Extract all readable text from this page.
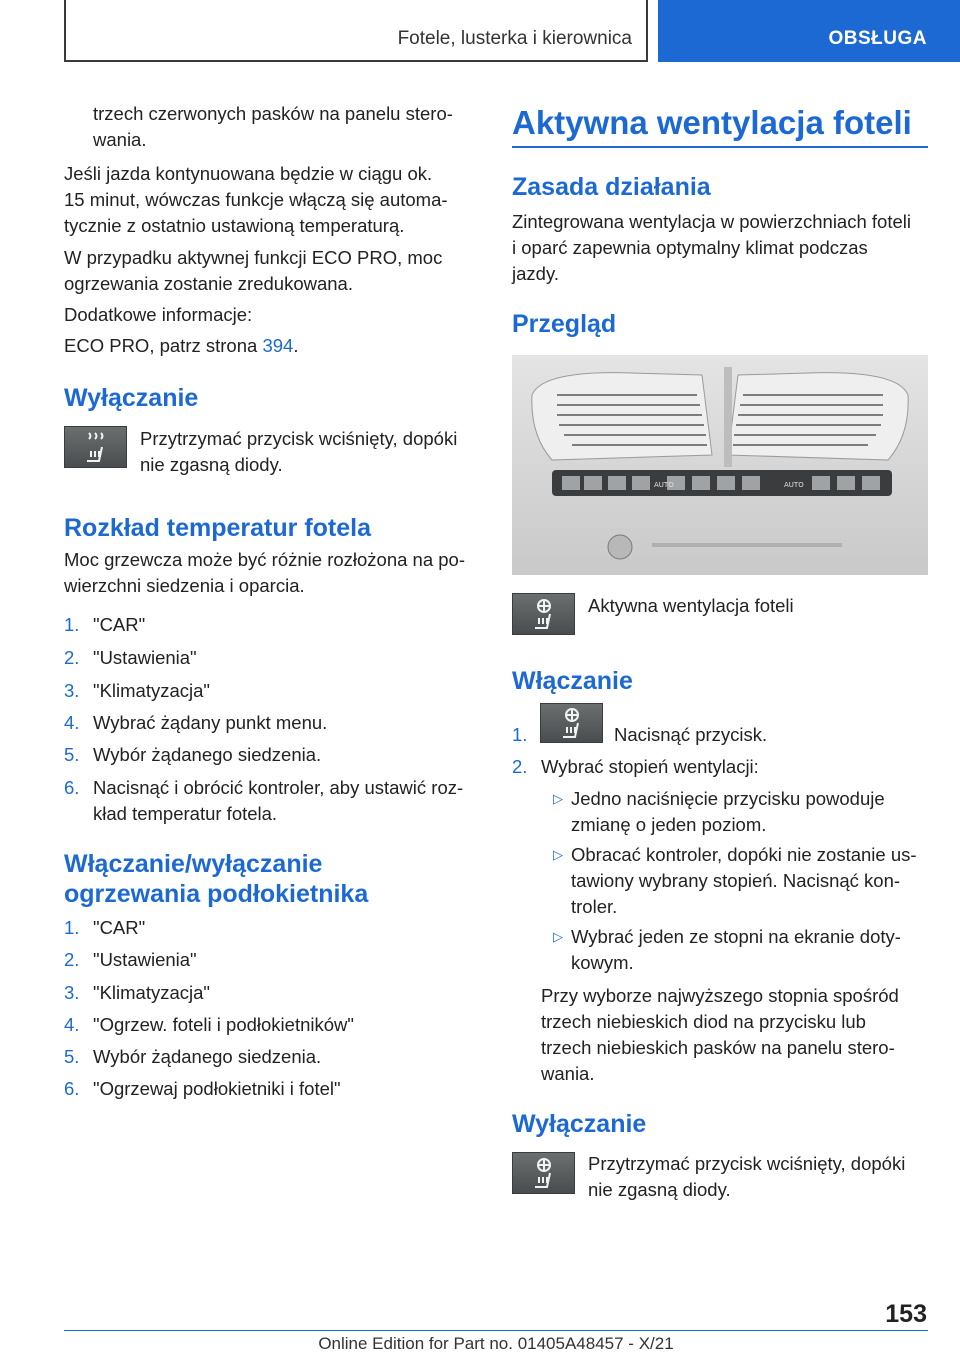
Fotele, lusterka i kierownica	OBSŁUGA
trzech czerwonych pasków na panelu stero-
wania.
Jeśli jazda kontynuowana będzie w ciągu ok.
15 minut, wówczas funkcje włączą się automa-
tycznie z ostatnio ustawioną temperaturą.
W przypadku aktywnej funkcji ECO PRO, moc
ogrzewania zostanie zredukowana.
Dodatkowe informacje:
ECO PRO, patrz strona 394.
Wyłączanie
Przytrzymać przycisk wciśnięty, dopóki
nie zgasną diody.
Rozkład temperatur fotela
Moc grzewcza może być różnie rozłożona na po-
wierzchni siedzenia i oparcia.
1. "CAR"
2. "Ustawienia"
3. "Klimatyzacja"
4. Wybrać żądany punkt menu.
5. Wybór żądanego siedzenia.
6. Nacisnąć i obrócić kontroler, aby ustawić roz-
kład temperatur fotela.
Włączanie/wyłączanie
ogrzewania podłokietnika
1. "CAR"
2. "Ustawienia"
3. "Klimatyzacja"
4. "Ogrzew. foteli i podłokietników"
5. Wybór żądanego siedzenia.
6. "Ogrzewaj podłokietniki i fotel"
Aktywna wentylacja foteli
Zasada działania
Zintegrowana wentylacja w powierzchniach foteli
i oparć zapewnia optymalny klimat podczas
jazdy.
Przegląd
AUTO	AUTO
Aktywna wentylacja foteli
Włączanie
1.	Nacisnąć przycisk.
2. Wybrać stopień wentylacji:
▷ Jedno naciśnięcie przycisku powoduje
zmianę o jeden poziom.
▷ Obracać kontroler, dopóki nie zostanie us-
tawiony wybrany stopień. Nacisnąć kon-
troler.
▷ Wybrać jeden ze stopni na ekranie doty-
kowym.
Przy wyborze najwyższego stopnia spośród
trzech niebieskich diod na przycisku lub
trzech niebieskich pasków na panelu stero-
wania.
Wyłączanie
Przytrzymać przycisk wciśnięty, dopóki
nie zgasną diody.
153
Online Edition for Part no. 01405A48457 - X/21
